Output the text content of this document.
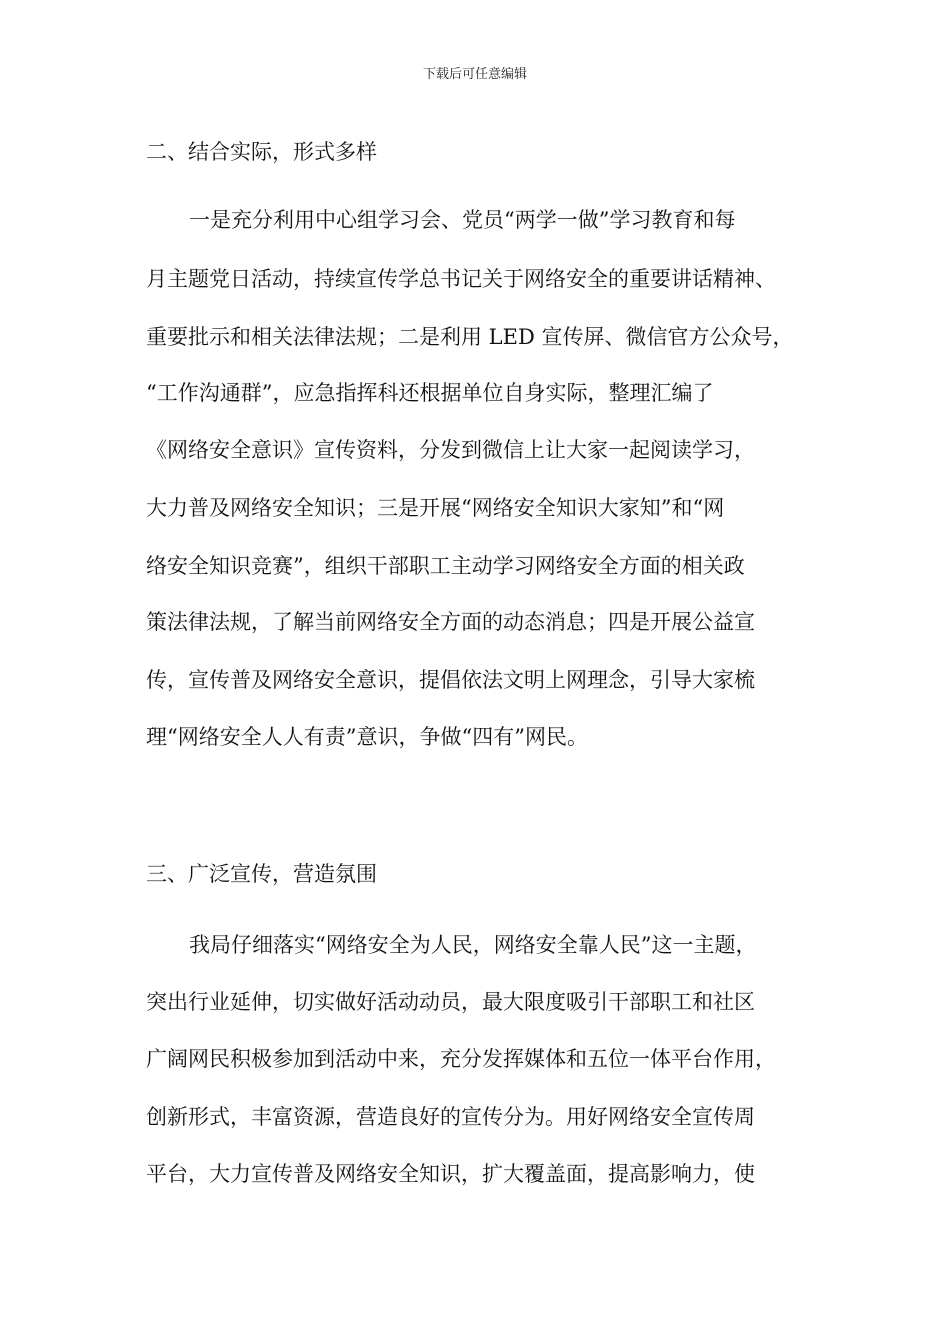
下载后可任意编辑
二、结合实际，形式多样
一是充分利用中心组学习会、党员“两学一做”学习教育和每
月主题党日活动，持续宣传学总书记关于网络安全的重要讲话精神、
重要批示和相关法律法规；二是利用 LED 宣传屏、微信官方公众号，
“工作沟通群”，应急指挥科还根据单位自身实际，整理汇编了
《网络安全意识》宣传资料，分发到微信上让大家一起阅读学习，
大力普及网络安全知识；三是开展“网络安全知识大家知”和“网
络安全知识竞赛”，组织干部职工主动学习网络安全方面的相关政
策法律法规，了解当前网络安全方面的动态消息；四是开展公益宣
传，宣传普及网络安全意识，提倡依法文明上网理念，引导大家梳
理“网络安全人人有责”意识，争做“四有”网民。
三、广泛宣传，营造氛围
我局仔细落实“网络安全为人民，网络安全靠人民”这一主题，
突出行业延伸，切实做好活动动员，最大限度吸引干部职工和社区
广阔网民积极参加到活动中来，充分发挥媒体和五位一体平台作用，
创新形式，丰富资源，营造良好的宣传分为。用好网络安全宣传周
平台，大力宣传普及网络安全知识，扩大覆盖面，提高影响力，使
